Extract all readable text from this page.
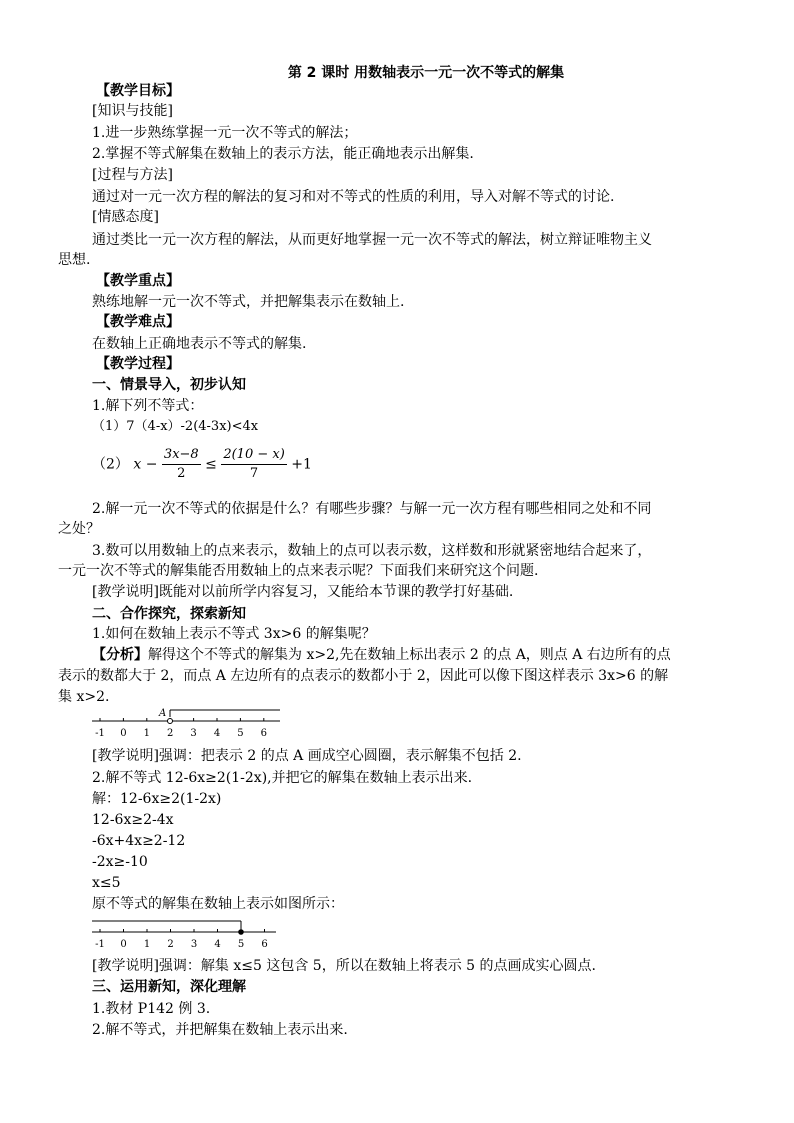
第 2 课时 用数轴表示一元一次不等式的解集
【教学目标】
[知识与技能]
1.进一步熟练掌握一元一次不等式的解法；
2.掌握不等式解集在数轴上的表示方法，能正确地表示出解集.
[过程与方法]
通过对一元一次方程的解法的复习和对不等式的性质的利用，导入对解不等式的讨论.
[情感态度]
通过类比一元一次方程的解法，从而更好地掌握一元一次不等式的解法，树立辩证唯物主义
思想.
【教学重点】
熟练地解一元一次不等式，并把解集表示在数轴上.
【教学难点】
在数轴上正确地表示不等式的解集.
【教学过程】
一、情景导入，初步认知
1.解下列不等式：
（1）7（4-x）-2(4-3x)<4x
（2） $x - \frac{3x-8}{2} \le \frac{2(10 - x)}{7} +1$
2.解一元一次不等式的依据是什么？有哪些步骤？与解一元一次方程有哪些相同之处和不同
之处？
3.数可以用数轴上的点来表示，数轴上的点可以表示数，这样数和形就紧密地结合起来了，
一元一次不等式的解集能否用数轴上的点来表示呢？下面我们来研究这个问题.
[教学说明]既能对以前所学内容复习，又能给本节课的教学打好基础.
二、合作探究，探索新知
1.如何在数轴上表示不等式 3x>6 的解集呢？
【分析】解得这个不等式的解集为 x>2,先在数轴上标出表示 2 的点 A，则点 A 右边所有的点
表示的数都大于 2，而点 A 左边所有的点表示的数都小于 2，因此可以像下图这样表示 3x>6 的解
集 x>2.
-1 0 1 2 3 4 5 6
A
[教学说明]强调：把表示 2 的点 A 画成空心圆圈，表示解集不包括 2.
2.解不等式 12-6x≥2(1-2x),并把它的解集在数轴上表示出来.
解：12-6x≥2(1-2x)
12-6x≥2-4x
-6x+4x≥2-12
-2x≥-10
x≤5
原不等式的解集在数轴上表示如图所示：
-1 0 1 2 3 4 5 6
[教学说明]强调：解集 x≤5 这包含 5，所以在数轴上将表示 5 的点画成实心圆点.
三、运用新知，深化理解
1.教材 P142 例 3.
2.解不等式，并把解集在数轴上表示出来.
